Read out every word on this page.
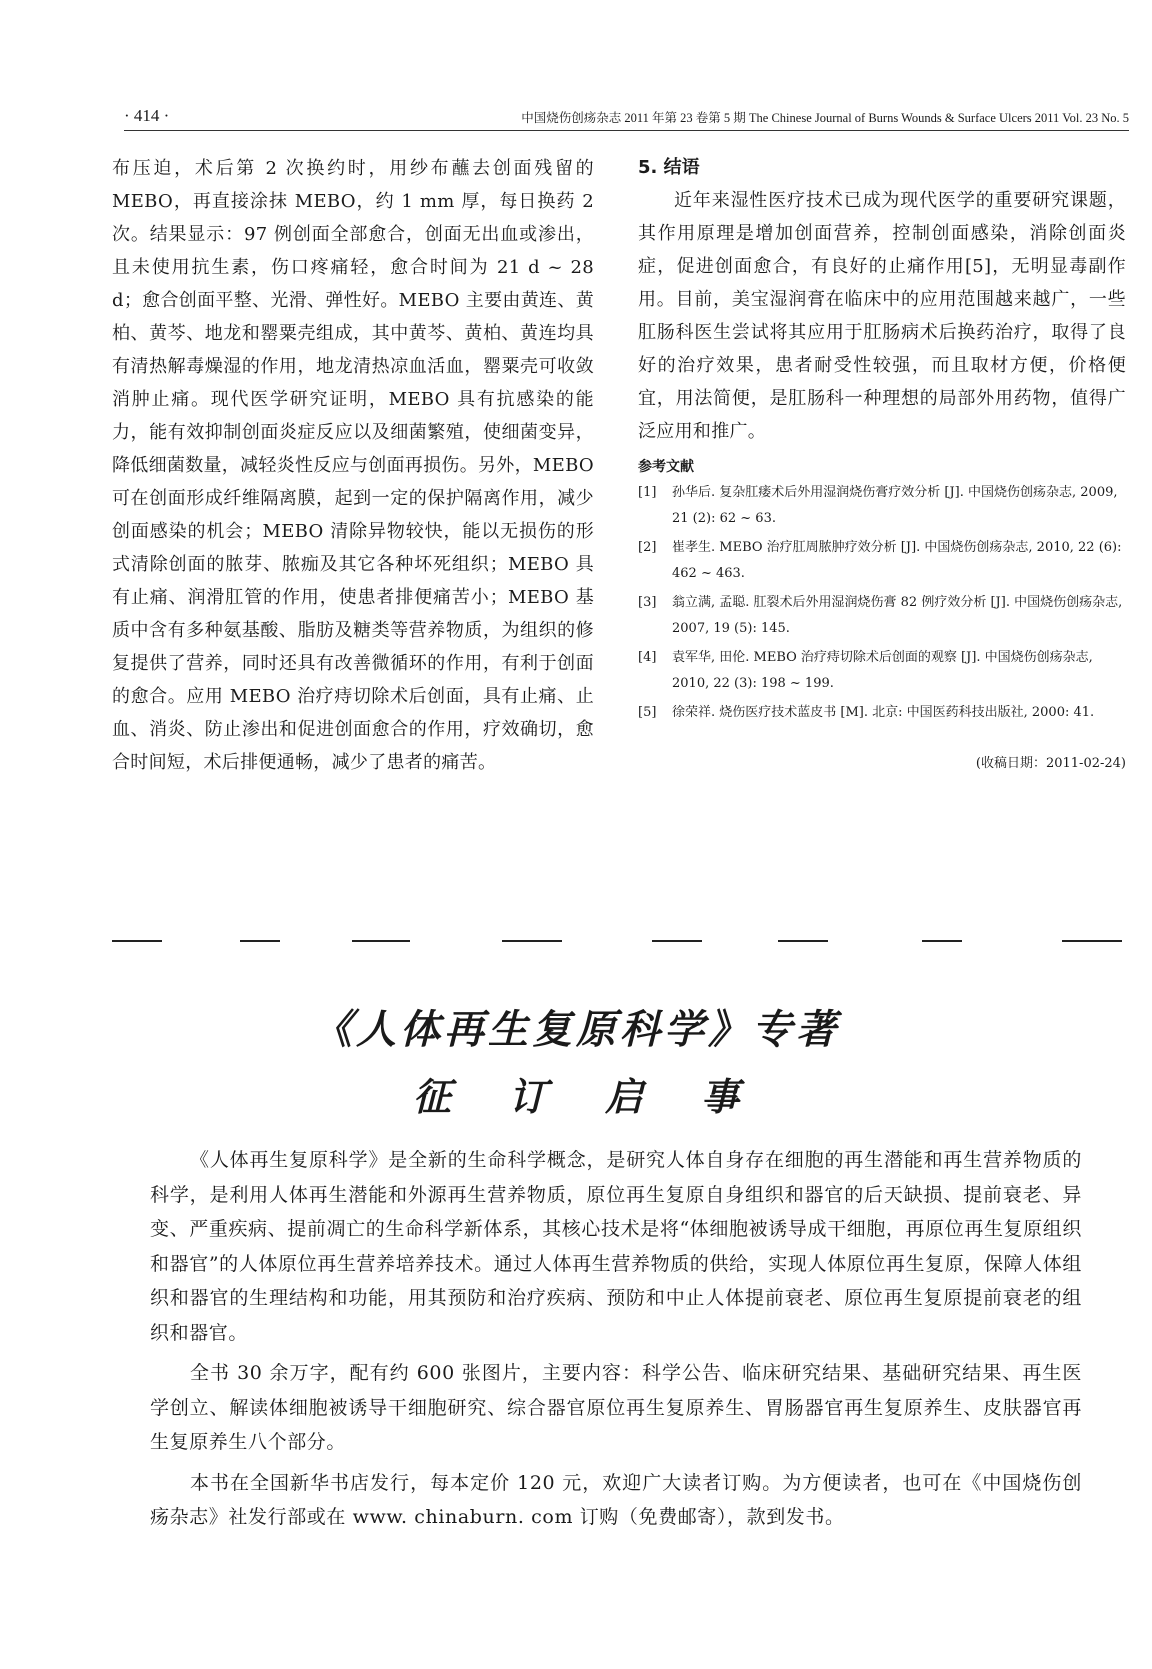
· 414 ·	中国烧伤创疡杂志 2011 年第 23 卷第 5 期 The Chinese Journal of Burns Wounds & Surface Ulcers 2011 Vol. 23 No. 5
布压迫，术后第 2 次换约时，用纱布蘸去创面残留的 MEBO，再直接涂抹 MEBO，约 1 mm 厚，每日换药 2 次。结果显示：97 例创面全部愈合，创面无出血或渗出，且未使用抗生素，伤口疼痛轻，愈合时间为 21 d ~ 28 d；愈合创面平整、光滑、弹性好。MEBO 主要由黄连、黄柏、黄芩、地龙和罂粟壳组成，其中黄芩、黄柏、黄连均具有清热解毒燥湿的作用，地龙清热凉血活血，罂粟壳可收敛消肿止痛。现代医学研究证明，MEBO 具有抗感染的能力，能有效抑制创面炎症反应以及细菌繁殖，使细菌变异，降低细菌数量，减轻炎性反应与创面再损伤。另外，MEBO 可在创面形成纤维隔离膜，起到一定的保护隔离作用，减少创面感染的机会；MEBO 清除异物较快，能以无损伤的形式清除创面的脓芽、脓痂及其它各种坏死组织；MEBO 具有止痛、润滑肛管的作用，使患者排便痛苦小；MEBO 基质中含有多种氨基酸、脂肪及糖类等营养物质，为组织的修复提供了营养，同时还具有改善微循环的作用，有利于创面的愈合。应用 MEBO 治疗痔切除术后创面，具有止痛、止血、消炎、防止渗出和促进创面愈合的作用，疗效确切，愈合时间短，术后排便通畅，减少了患者的痛苦。
5. 结语

近年来湿性医疗技术已成为现代医学的重要研究课题，其作用原理是增加创面营养，控制创面感染，消除创面炎症，促进创面愈合，有良好的止痛作用[5]，无明显毒副作用。目前，美宝湿润膏在临床中的应用范围越来越广，一些肛肠科医生尝试将其应用于肛肠病术后换药治疗，取得了良好的治疗效果，患者耐受性较强，而且取材方便，价格便宜，用法简便，是肛肠科一种理想的局部外用药物，值得广泛应用和推广。

参考文献
[1]	孙华后. 复杂肛瘘术后外用湿润烧伤膏疗效分析 [J]. 中国烧伤创疡杂志, 2009, 21 (2): 62 ~ 63.
[2]	崔孝生. MEBO 治疗肛周脓肿疗效分析 [J]. 中国烧伤创疡杂志, 2010, 22 (6): 462 ~ 463.
[3]	翁立满, 孟聪. 肛裂术后外用湿润烧伤膏 82 例疗效分析 [J]. 中国烧伤创疡杂志, 2007, 19 (5): 145.
[4]	袁军华, 田伦. MEBO 治疗痔切除术后创面的观察 [J]. 中国烧伤创疡杂志, 2010, 22 (3): 198 ~ 199.
[5]	徐荣祥. 烧伤医疗技术蓝皮书 [M]. 北京: 中国医药科技出版社, 2000: 41.
(收稿日期：2011-02-24)
《人体再生复原科学》专著
征订启事

《人体再生复原科学》是全新的生命科学概念，是研究人体自身存在细胞的再生潜能和再生营养物质的科学，是利用人体再生潜能和外源再生营养物质，原位再生复原自身组织和器官的后天缺损、提前衰老、异变、严重疾病、提前凋亡的生命科学新体系，其核心技术是将“体细胞被诱导成干细胞，再原位再生复原组织和器官”的人体原位再生营养培养技术。通过人体再生营养物质的供给，实现人体原位再生复原，保障人体组织和器官的生理结构和功能，用其预防和治疗疾病、预防和中止人体提前衰老、原位再生复原提前衰老的组织和器官。

全书 30 余万字，配有约 600 张图片，主要内容：科学公告、临床研究结果、基础研究结果、再生医学创立、解读体细胞被诱导干细胞研究、综合器官原位再生复原养生、胃肠器官再生复原养生、皮肤器官再生复原养生八个部分。

本书在全国新华书店发行，每本定价 120 元，欢迎广大读者订购。为方便读者，也可在《中国烧伤创疡杂志》社发行部或在 www. chinaburn. com 订购（免费邮寄），款到发书。
